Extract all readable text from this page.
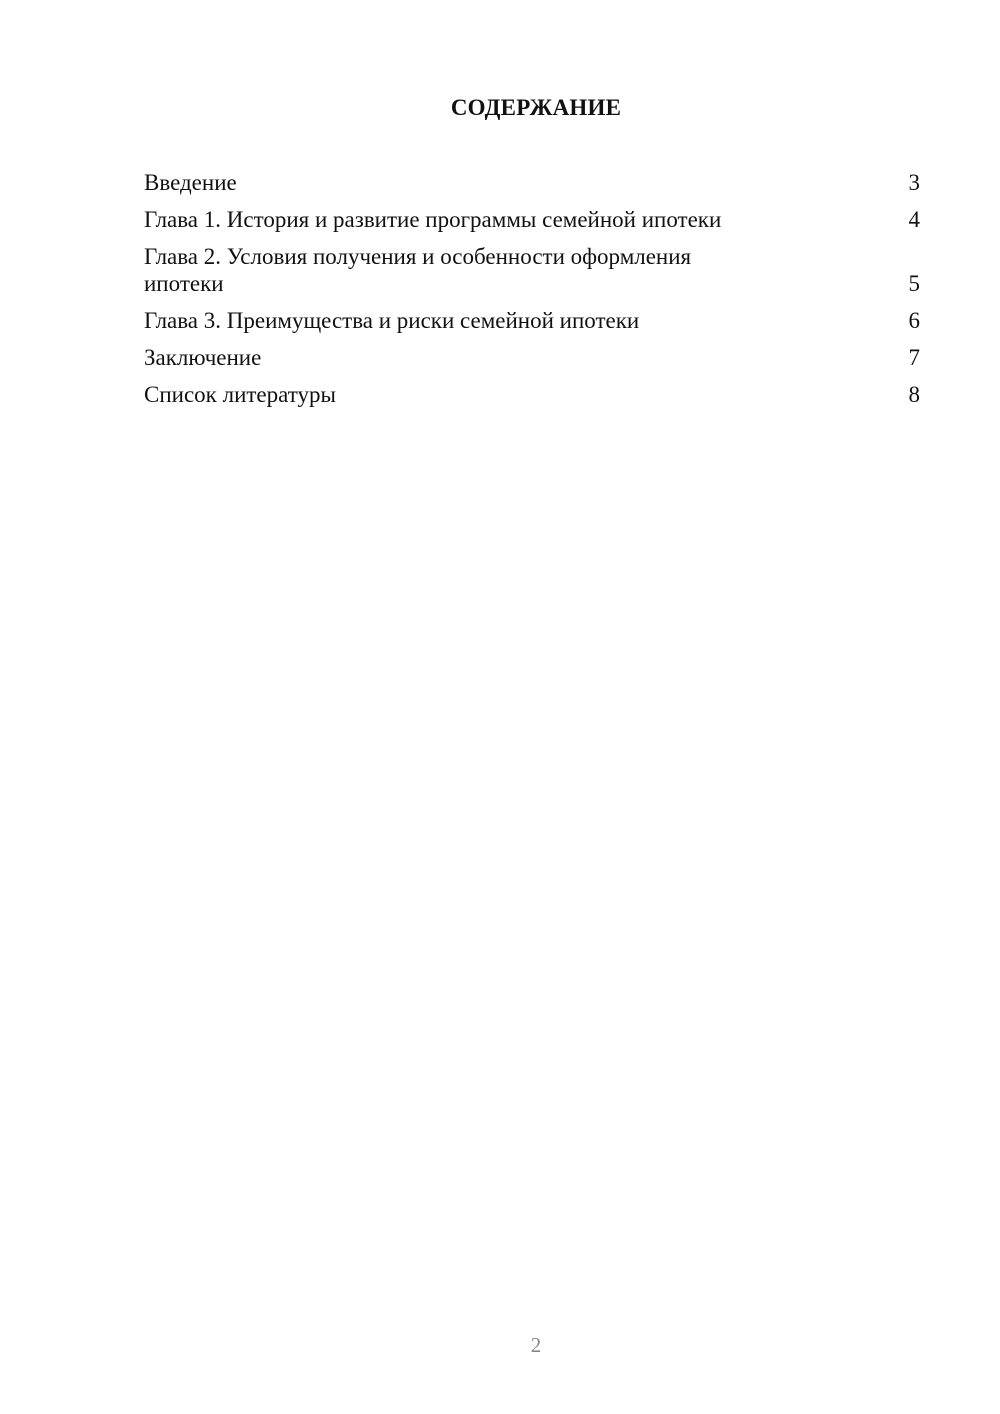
СОДЕРЖАНИЕ
Введение	3
Глава 1. История и развитие программы семейной ипотеки	4
Глава 2. Условия получения и особенности оформления ипотеки	5
Глава 3. Преимущества и риски семейной ипотеки	6
Заключение	7
Список литературы	8
2
